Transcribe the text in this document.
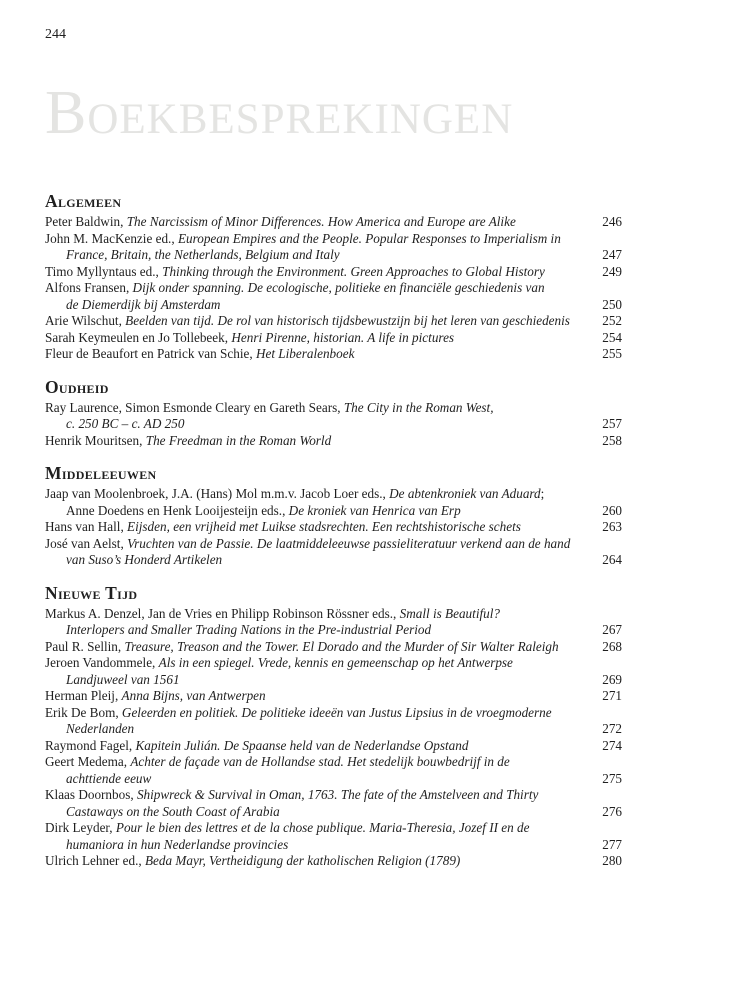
244
Boekbesprekingen
Algemeen
Peter Baldwin, The Narcissism of Minor Differences. How America and Europe are Alike	246
John M. MacKenzie ed., European Empires and the People. Popular Responses to Imperialism in
France, Britain, the Netherlands, Belgium and Italy	247
Timo Myllyntaus ed., Thinking through the Environment. Green Approaches to Global History	249
Alfons Fransen, Dijk onder spanning. De ecologische, politieke en financiële geschiedenis van
de Diemerdijk bij Amsterdam	250
Arie Wilschut, Beelden van tijd. De rol van historisch tijdsbewustzijn bij het leren van geschiedenis 252
Sarah Keymeulen en Jo Tollebeek, Henri Pirenne, historian. A life in pictures	254
Fleur de Beaufort en Patrick van Schie, Het Liberalenboek	255
Oudheid
Ray Laurence, Simon Esmonde Cleary en Gareth Sears, The City in the Roman West,
c. 250 BC – c. AD 250	257
Henrik Mouritsen, The Freedman in the Roman World	258
Middeleeuwen
Jaap van Moolenbroek, J.A. (Hans) Mol m.m.v. Jacob Loer eds., De abtenkroniek van Aduard;
Anne Doedens en Henk Looijesteijn eds., De kroniek van Henrica van Erp	260
Hans van Hall, Eijsden, een vrijheid met Luikse stadsrechten. Een rechtshistorische schets	263
José van Aelst, Vruchten van de Passie. De laatmiddeleeuwse passieliteratuur verkend aan de hand
van Suso’s Honderd Artikelen	264
Nieuwe Tijd
Markus A. Denzel, Jan de Vries en Philipp Robinson Rössner eds., Small is Beautiful?
Interlopers and Smaller Trading Nations in the Pre-industrial Period	267
Paul R. Sellin, Treasure, Treason and the Tower. El Dorado and the Murder of Sir Walter Raleigh	268
Jeroen Vandommele, Als in een spiegel. Vrede, kennis en gemeenschap op het Antwerpse
Landjuweel van 1561	269
Herman Pleij, Anna Bijns, van Antwerpen	271
Erik De Bom, Geleerden en politiek. De politieke ideeën van Justus Lipsius in de vroegmoderne
Nederlanden	272
Raymond Fagel, Kapitein Julián. De Spaanse held van de Nederlandse Opstand	274
Geert Medema, Achter de façade van de Hollandse stad. Het stedelijk bouwbedrijf in de
achttiende eeuw	275
Klaas Doornbos, Shipwreck & Survival in Oman, 1763. The fate of the Amstelveen and Thirty
Castaways on the South Coast of Arabia	276
Dirk Leyder, Pour le bien des lettres et de la chose publique. Maria-Theresia, Jozef II en de
humaniora in hun Nederlandse provincies	277
Ulrich Lehner ed., Beda Mayr, Vertheidigung der katholischen Religion (1789)	280
